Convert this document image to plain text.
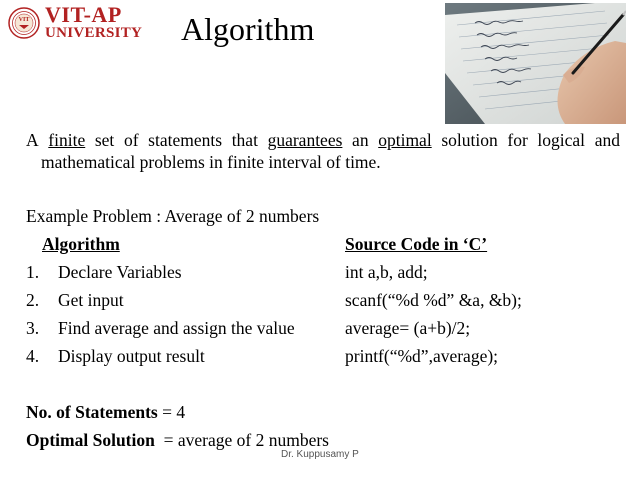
VIT VIT-AP
UNIVERSITY Algorithm
A finite set of statements that guarantees an optimal solution for logical and
mathematical problems in finite interval of time.
Example Problem : Average of 2 numbers
Algorithm	Source Code in ‘C’
1. Declare Variables	int a,b, add;
2. Get input	scanf(“%d %d” &a, &b);
3. Find average and assign the value	average= (a+b)/2;
4. Display output result	printf(“%d”,average);
No. of Statements = 4
Optimal Solution  = average of 2 numbers
Dr. Kuppusamy P
